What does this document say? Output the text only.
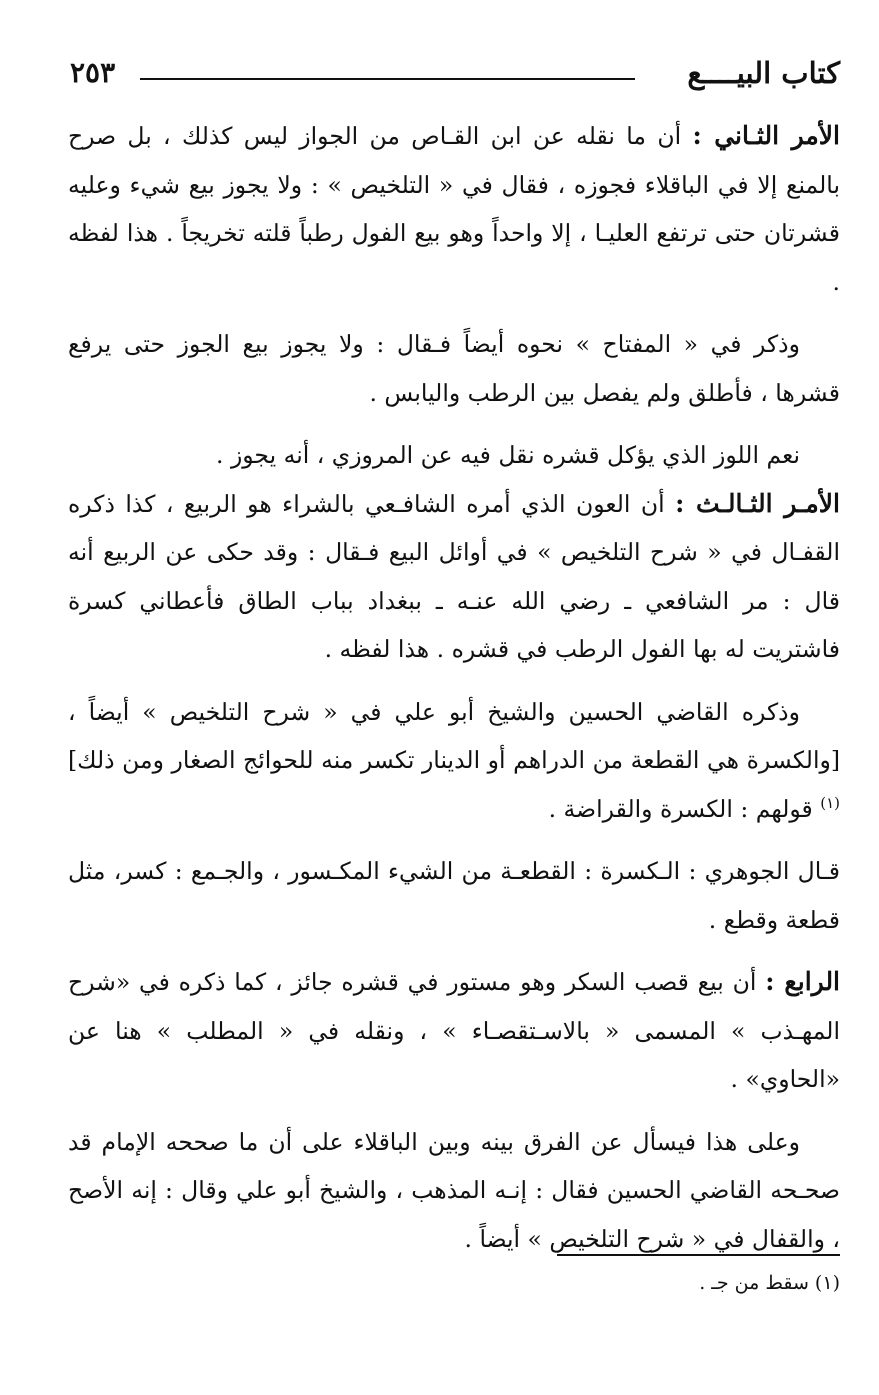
كتاب البيــــع
٢٥٣

الأمر الثـاني : أن ما نقله عن ابن القـاص من الجواز ليس كذلك ، بل صرح بالمنع إلا في الباقلاء فجوزه ، فقال في « التلخيص » : ولا يجوز بيع شيء وعليه قشرتان حتى ترتفع العليـا ، إلا واحداً وهو بيع الفول رطباً قلته تخريجاً . هذا لفظه .

وذكر في « المفتاح » نحوه أيضاً فـقال : ولا يجوز بيع الجوز حتى يرفع قشرها ، فأطلق ولم يفصل بين الرطب واليابس .

نعم اللوز الذي يؤكل قشره نقل فيه عن المروزي ، أنه يجوز .

الأمـر الثـالـث : أن العون الذي أمره الشافـعي بالشراء هو الربيع ، كذا ذكره القفـال في « شرح التلخيص » في أوائل البيع فـقال : وقد حكى عن الربيع أنه قال : مر الشافعي ـ رضي الله عنـه ـ ببغداد بباب الطاق فأعطاني كسرة فاشتريت له بها الفول الرطب في قشره . هذا لفظه .

وذكره القاضي الحسين والشيخ أبو علي في « شرح التلخيص » أيضاً ، [والكسرة هي القطعة من الدراهم أو الدينار تكسر منه للحوائج الصغار ومن ذلك]$^{(١)}$ قولهم : الكسرة والقراضة .

قـال الجوهري : الـكسرة : القطعـة من الشيء المكـسور ، والجـمع : كسر، مثل قطعة وقطع .

الرابع : أن بيع قصب السكر وهو مستور في قشره جائز ، كما ذكره في «شرح المهـذب » المسمى « بالاسـتقصـاء » ، ونقله في « المطلب » هنا عن «الحاوي» .

وعلى هذا فيسأل عن الفرق بينه وبين الباقلاء على أن ما صححه الإمام قد صحـحه القاضي الحسين فقال : إنـه المذهب ، والشيخ أبو علي وقال : إنه الأصح ، والقفال في « شرح التلخيص » أيضاً .

(١) سقط من جـ .
